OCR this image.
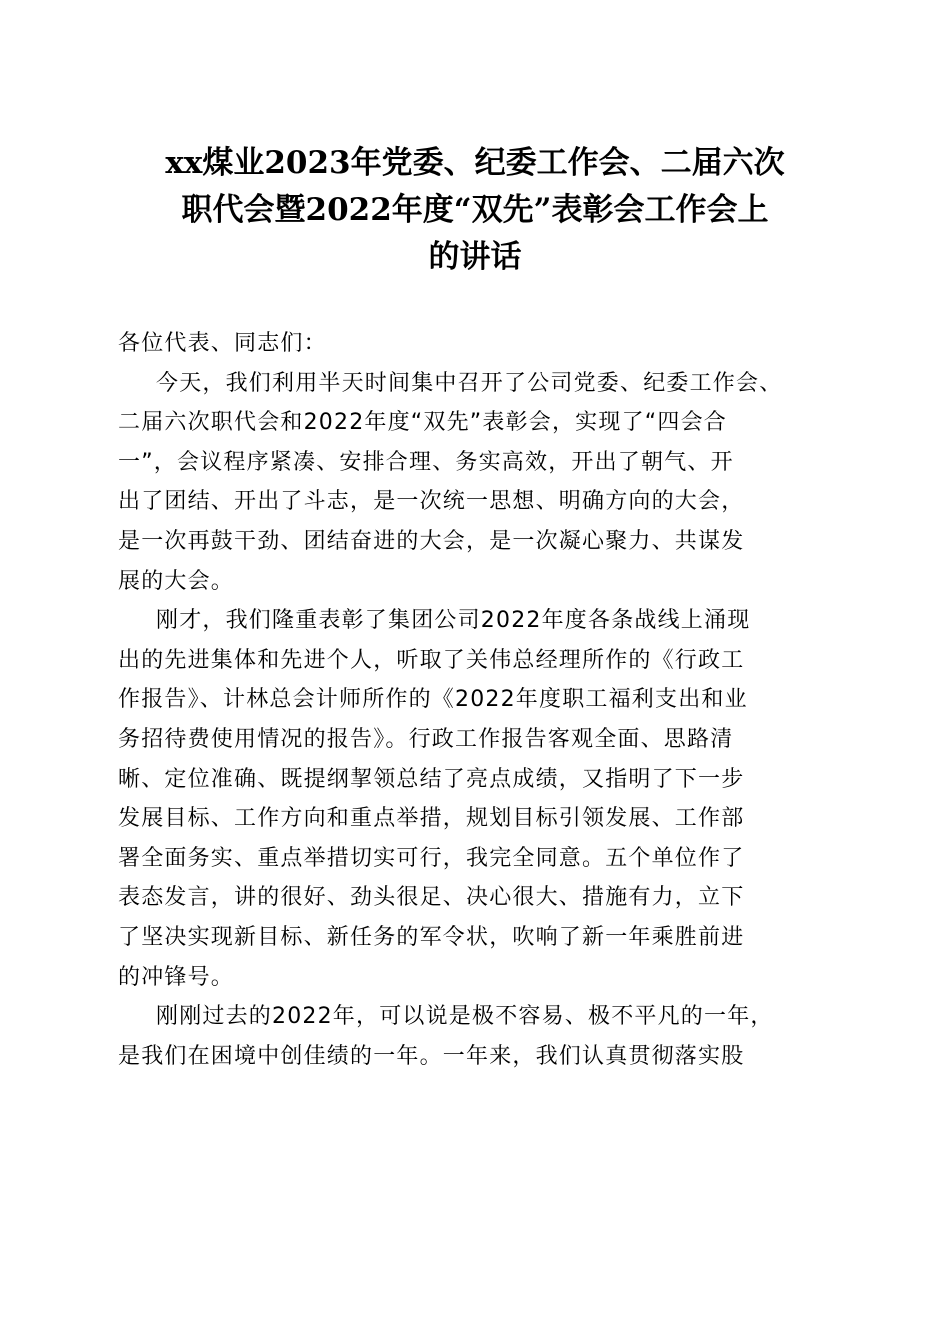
xx煤业2023年党委、纪委工作会、二届六次
职代会暨2022年度“双先”表彰会工作会上
的讲话
各位代表、同志们：
今天，我们利用半天时间集中召开了公司党委、纪委工作会、
二届六次职代会和2022年度“双先”表彰会，实现了“四会合
一”，会议程序紧凑、安排合理、务实高效，开出了朝气、开
出了团结、开出了斗志，是一次统一思想、明确方向的大会，
是一次再鼓干劲、团结奋进的大会，是一次凝心聚力、共谋发
展的大会。
刚才，我们隆重表彰了集团公司2022年度各条战线上涌现
出的先进集体和先进个人，听取了关伟总经理所作的《行政工
作报告》、计林总会计师所作的《2022年度职工福利支出和业
务招待费使用情况的报告》。行政工作报告客观全面、思路清
晰、定位准确、既提纲挈领总结了亮点成绩，又指明了下一步
发展目标、工作方向和重点举措，规划目标引领发展、工作部
署全面务实、重点举措切实可行，我完全同意。五个单位作了
表态发言，讲的很好、劲头很足、决心很大、措施有力，立下
了坚决实现新目标、新任务的军令状，吹响了新一年乘胜前进
的冲锋号。
刚刚过去的2022年，可以说是极不容易、极不平凡的一年，
是我们在困境中创佳绩的一年。一年来，我们认真贯彻落实股
